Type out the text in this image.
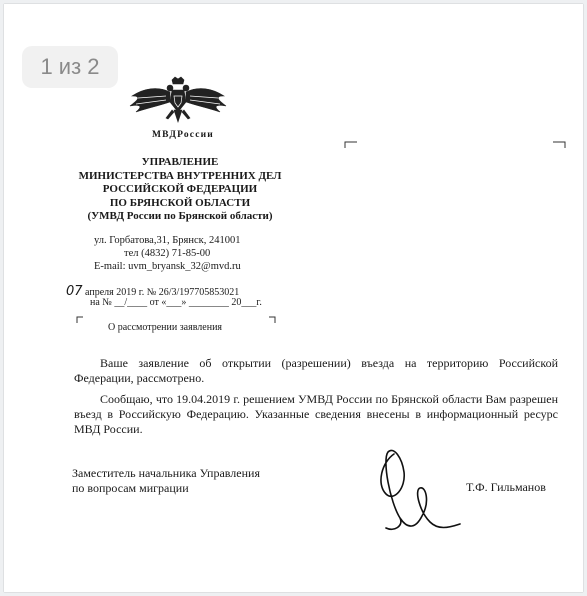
1 из 2
МВДРоссии
УПРАВЛЕНИЕ
МИНИСТЕРСТВА ВНУТРЕННИХ ДЕЛ
РОССИЙСКОЙ ФЕДЕРАЦИИ
ПО БРЯНСКОЙ ОБЛАСТИ
(УМВД России по Брянской области)
ул. Горбатова,31, Брянск, 241001
тел (4832) 71-85-00
E-mail: uvm_bryansk_32@mvd.ru
07 апреля 2019 г. № 26/3/197705853021
на № __/____ от «___» ________ 20___г.
О рассмотрении заявления

Ваше заявление об открытии (разрешении) въезда на территорию Российской Федерации, рассмотрено.

Сообщаю, что 19.04.2019 г. решением УМВД России по Брянской области Вам разрешен въезд в Российскую Федерацию. Указанные сведения внесены в информационный ресурс МВД России.

Заместитель начальника Управления
по вопросам миграции	Т.Ф. Гильманов
